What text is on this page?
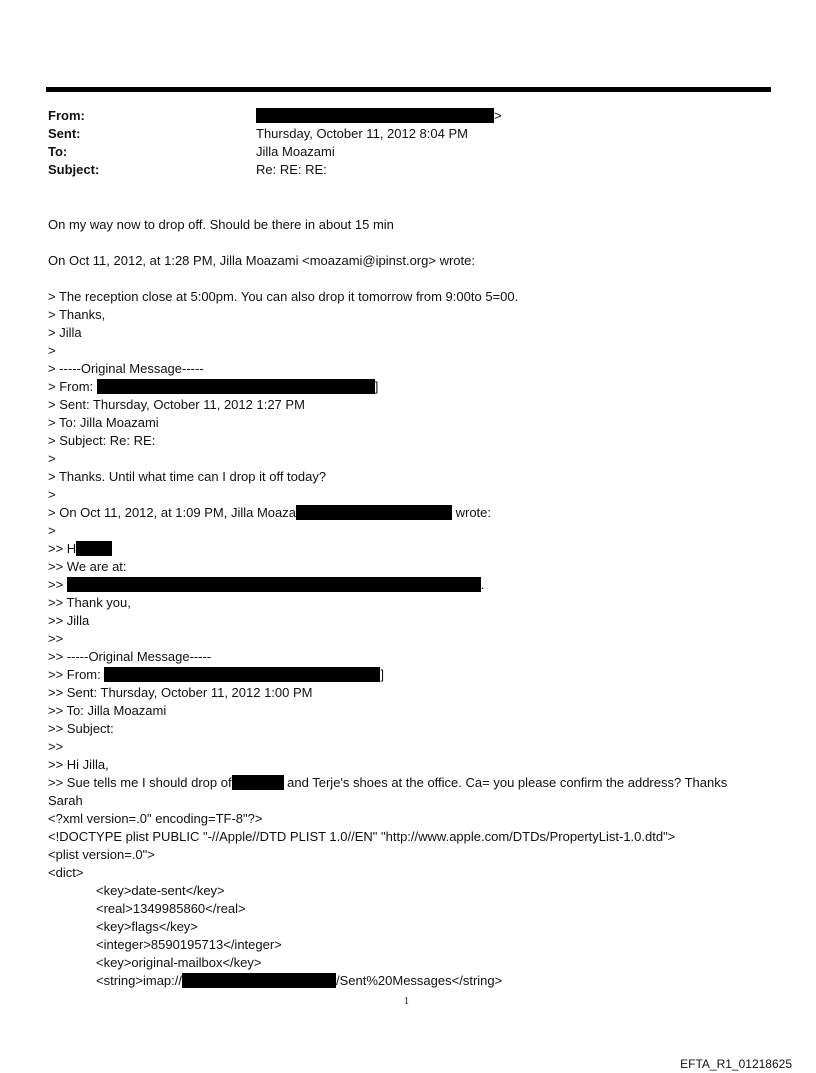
From:	>
Sent:	Thursday, October 11, 2012 8:04 PM
To:	Jilla Moazami
Subject:	Re: RE: RE:
On my way now to drop off. Should be there in about 15 min
On Oct 11, 2012, at 1:28 PM, Jilla Moazami <moazami@ipinst.org> wrote:
> The reception close at 5:00pm. You can also drop it tomorrow from 9:00to 5=00.
> Thanks,
> Jilla
>
> -----Original Message-----
> From:	]
> Sent: Thursday, October 11, 2012 1:27 PM
> To: Jilla Moazami
> Subject: Re: RE:
>
> Thanks. Until what time can I drop it off today?
>
> On Oct 11, 2012, at 1:09 PM, Jilla Moaza	wrote:
>
>> H
>> We are at:
>>	.
>> Thank you,
>> Jilla
>>
>> -----Original Message-----
>> From:	]
>> Sent: Thursday, October 11, 2012 1:00 PM
>> To: Jilla Moazami
>> Subject:
>>
>> Hi Jilla,
>> Sue tells me I should drop of	and Terje's shoes at the office. Ca= you please confirm the address? Thanks
Sarah
<?xml version=.0" encoding=TF-8"?>
<!DOCTYPE plist PUBLIC "-//Apple//DTD PLIST 1.0//EN" "http://www.apple.com/DTDs/PropertyList-1.0.dtd">
<plist version=.0">
<dict>
<key>date-sent</key>
<real>1349985860</real>
<key>flags</key>
<integer>8590195713</integer>
<key>original-mailbox</key>
<string>imap://	/Sent%20Messages</string>
1
EFTA_R1_01218625
